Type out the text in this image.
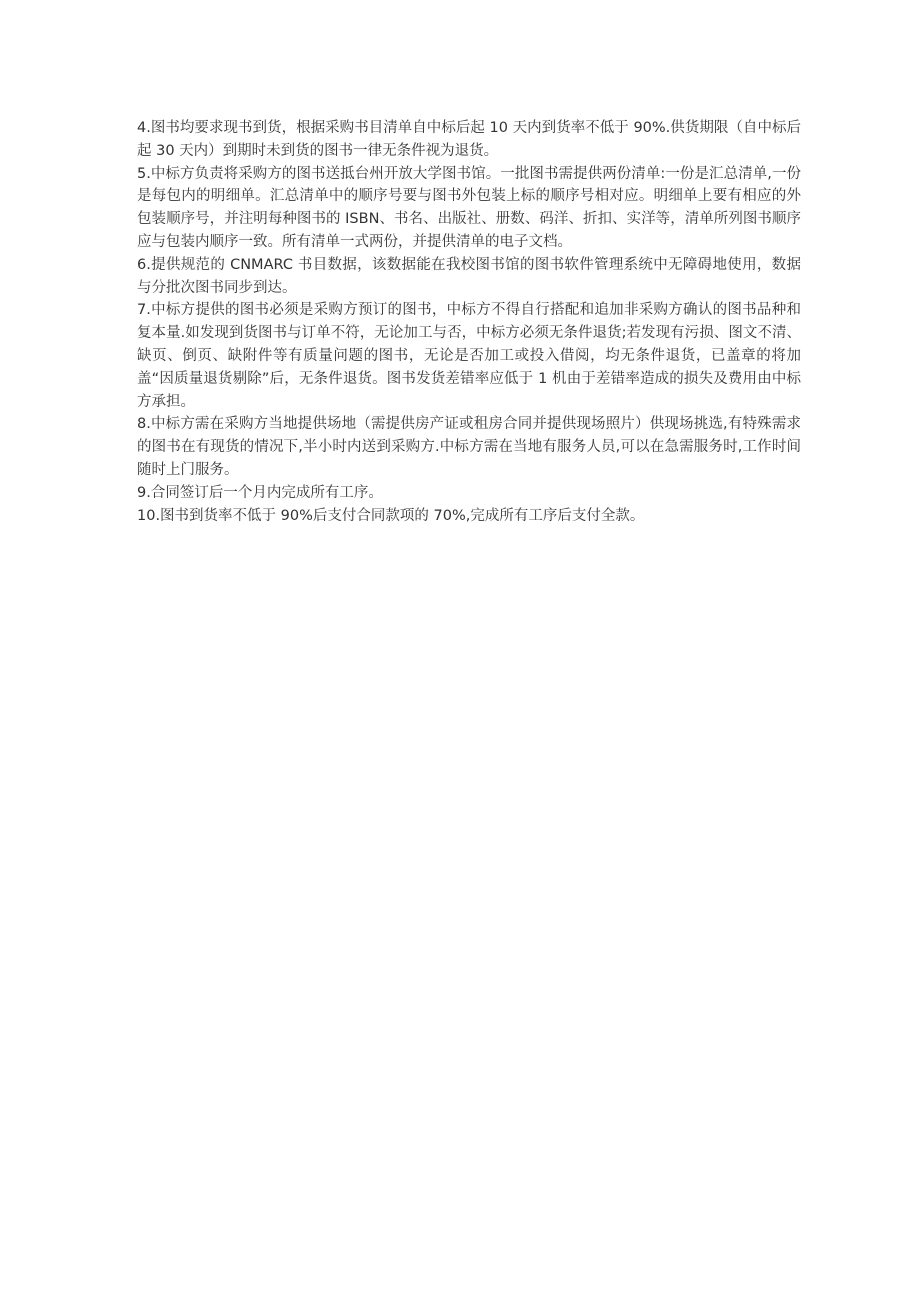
4.图书均要求现书到货，根据采购书目清单自中标后起 10 天内到货率不低于 90%.供货期限（自中标后起 30 天内）到期时未到货的图书一律无条件视为退货。

5.中标方负责将采购方的图书送抵台州开放大学图书馆。一批图书需提供两份清单:一份是汇总清单,一份是每包内的明细单。汇总清单中的顺序号要与图书外包装上标的顺序号相对应。明细单上要有相应的外包装顺序号，并注明每种图书的 ISBN、书名、出版社、册数、码洋、折扣、实洋等，清单所列图书顺序应与包装内顺序一致。所有清单一式两份，并提供清单的电子文档。

6.提供规范的 CNMARC 书目数据，该数据能在我校图书馆的图书软件管理系统中无障碍地使用，数据与分批次图书同步到达。

7.中标方提供的图书必须是采购方预订的图书，中标方不得自行搭配和追加非采购方确认的图书品种和复本量.如发现到货图书与订单不符，无论加工与否，中标方必须无条件退货;若发现有污损、图文不清、缺页、倒页、缺附件等有质量问题的图书，无论是否加工或投入借阅，均无条件退货，已盖章的将加盖“因质量退货剔除”后，无条件退货。图书发货差错率应低于 1 机由于差错率造成的损失及费用由中标方承担。

8.中标方需在采购方当地提供场地（需提供房产证或租房合同并提供现场照片）供现场挑选,有特殊需求的图书在有现货的情况下,半小时内送到采购方.中标方需在当地有服务人员,可以在急需服务时,工作时间随时上门服务。

9.合同签订后一个月内完成所有工序。

10.图书到货率不低于 90%后支付合同款项的 70%,完成所有工序后支付全款。
